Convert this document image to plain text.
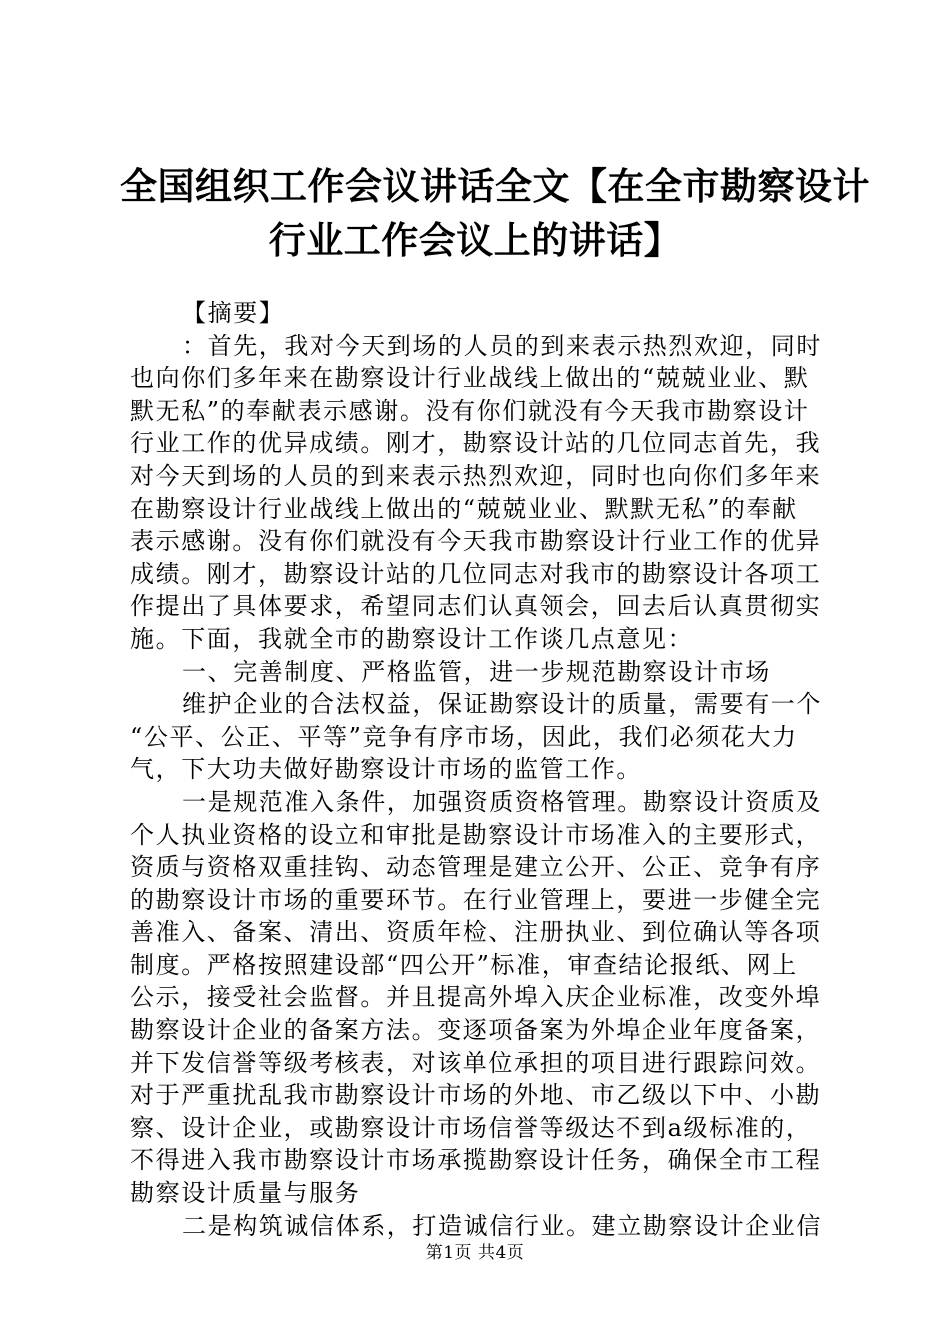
全国组织工作会议讲话全文【在全市勘察设计
行业工作会议上的讲话】
【摘要】
：首先，我对今天到场的人员的到来表示热烈欢迎，同时
也向你们多年来在勘察设计行业战线上做出的“兢兢业业、默
默无私”的奉献表示感谢。没有你们就没有今天我市勘察设计
行业工作的优异成绩。刚才，勘察设计站的几位同志首先，我
对今天到场的人员的到来表示热烈欢迎，同时也向你们多年来
在勘察设计行业战线上做出的“兢兢业业、默默无私”的奉献
表示感谢。没有你们就没有今天我市勘察设计行业工作的优异
成绩。刚才，勘察设计站的几位同志对我市的勘察设计各项工
作提出了具体要求，希望同志们认真领会，回去后认真贯彻实
施。下面，我就全市的勘察设计工作谈几点意见：
一、完善制度、严格监管，进一步规范勘察设计市场
维护企业的合法权益，保证勘察设计的质量，需要有一个
“公平、公正、平等”竞争有序市场，因此，我们必须花大力
气，下大功夫做好勘察设计市场的监管工作。
一是规范准入条件，加强资质资格管理。勘察设计资质及
个人执业资格的设立和审批是勘察设计市场准入的主要形式，
资质与资格双重挂钩、动态管理是建立公开、公正、竞争有序
的勘察设计市场的重要环节。在行业管理上，要进一步健全完
善准入、备案、清出、资质年检、注册执业、到位确认等各项
制度。严格按照建设部“四公开”标准，审查结论报纸、网上
公示，接受社会监督。并且提高外埠入庆企业标准，改变外埠
勘察设计企业的备案方法。变逐项备案为外埠企业年度备案，
并下发信誉等级考核表，对该单位承担的项目进行跟踪问效。
对于严重扰乱我市勘察设计市场的外地、市乙级以下中、小勘
察、设计企业，或勘察设计市场信誉等级达不到a级标准的，
不得进入我市勘察设计市场承揽勘察设计任务，确保全市工程
勘察设计质量与服务
二是构筑诚信体系，打造诚信行业。建立勘察设计企业信
第1页 共4页
